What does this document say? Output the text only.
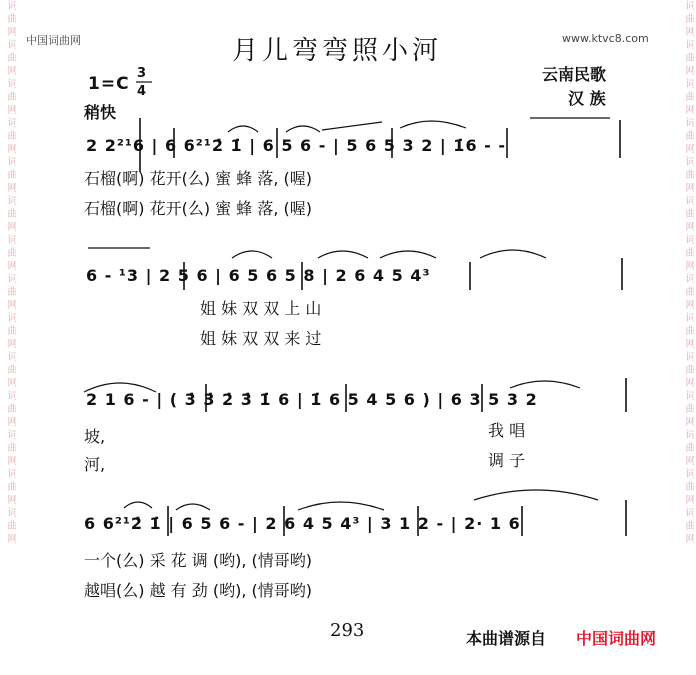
词曲网词曲网词曲网词曲网词曲网词曲网词曲网词曲网词曲网词曲网词曲网词曲网词曲网词曲网	词曲网词曲网词曲网词曲网词曲网词曲网词曲网词曲网词曲网词曲网词曲网词曲网词曲网词曲网
中国词曲网	www.ktvc8.com
月儿弯弯照小河
1=C
3
4
稍快
云南民歌
汉 族
2 2²¹6 | 6 6²¹2̇ 1̇ | 6 5 6 - | 5 6 5 3 2 | 1̇6 - -
石榴(啊) 花开(么) 蜜 蜂 落, (喔)
石榴(啊) 花开(么) 蜜 蜂 落, (喔)
6 - ¹3 | 2 5 6 | 6 5 6 5 8 | 2 6 4 5 4³
姐 妹 双 双 上 山
姐 妹 双 双 来 过
2 1 6 - | ( 3̇ 3̇ 2̇ 3̇ 1̇ 6 | 1̇ 6 5 4 5 6 ) | 6 3 5 3 2
坡,	我 唱
河,	调 子
6 6²¹2̇ 1̇ | 6 5 6 - | 2 6 4 5 4³ | 3 1 2 - | 2· 1 6
一个(么) 采 花 调 (哟), (情哥哟)
越唱(么) 越 有 劲 (哟), (情哥哟)
293	本曲谱源自 中国词曲网
